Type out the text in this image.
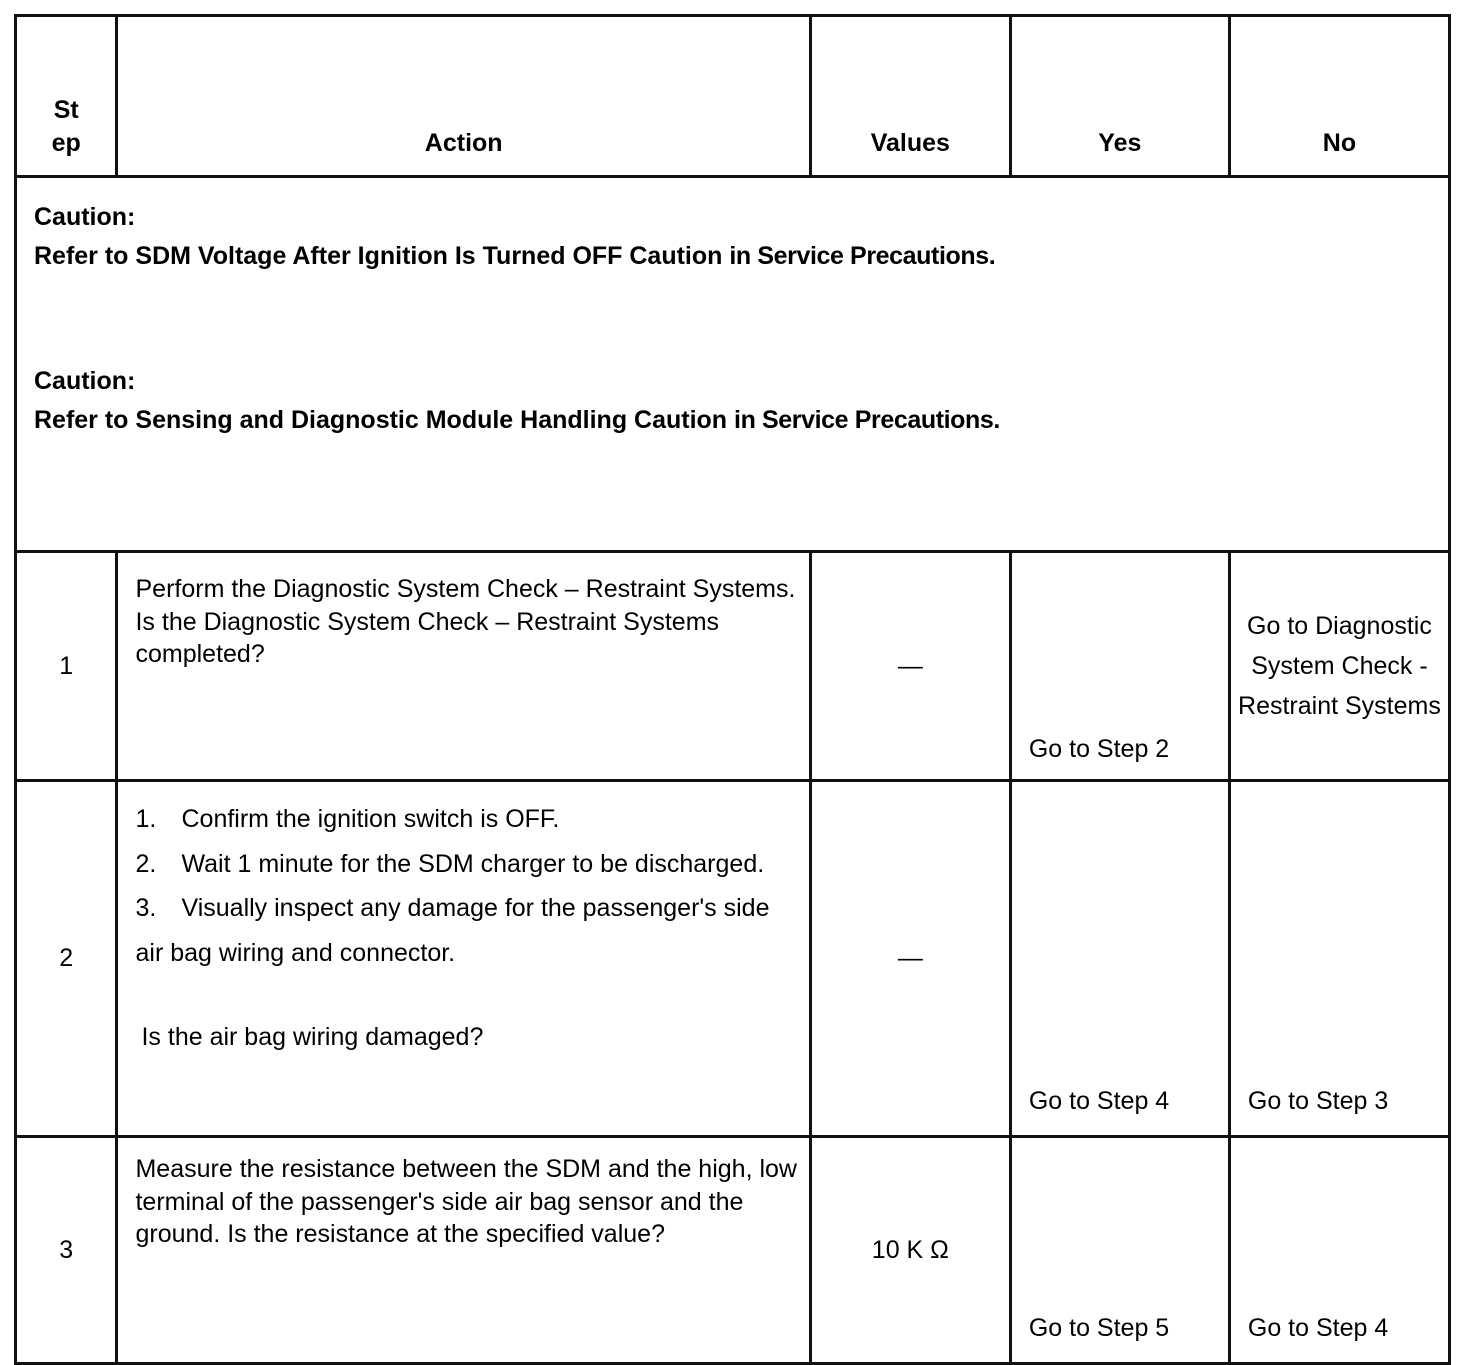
St
ep	Action	Values	Yes	No

Caution:
Refer to SDM Voltage After Ignition Is Turned OFF Caution in Service Precautions.
Caution:
Refer to Sensing and Diagnostic Module Handling Caution in Service Precautions.				

1	Perform the Diagnostic System Check – Restraint Systems. Is the Diagnostic System Check – Restraint Systems completed?	—	Go to Step 2	Go to Diagnostic System Check - Restraint Systems
2	1. Confirm the ignition switch is OFF.
2. Wait 1 minute for the SDM charger to be discharged.
3. Visually inspect any damage for the passenger's side air bag wiring and connector.
Is the air bag wiring damaged?	—	Go to Step 4	Go to Step 3
3	Measure the resistance between the SDM and the high, low terminal of the passenger's side air bag sensor and the ground. Is the resistance at the specified value?	10 K Ω	Go to Step 5	Go to Step 4
